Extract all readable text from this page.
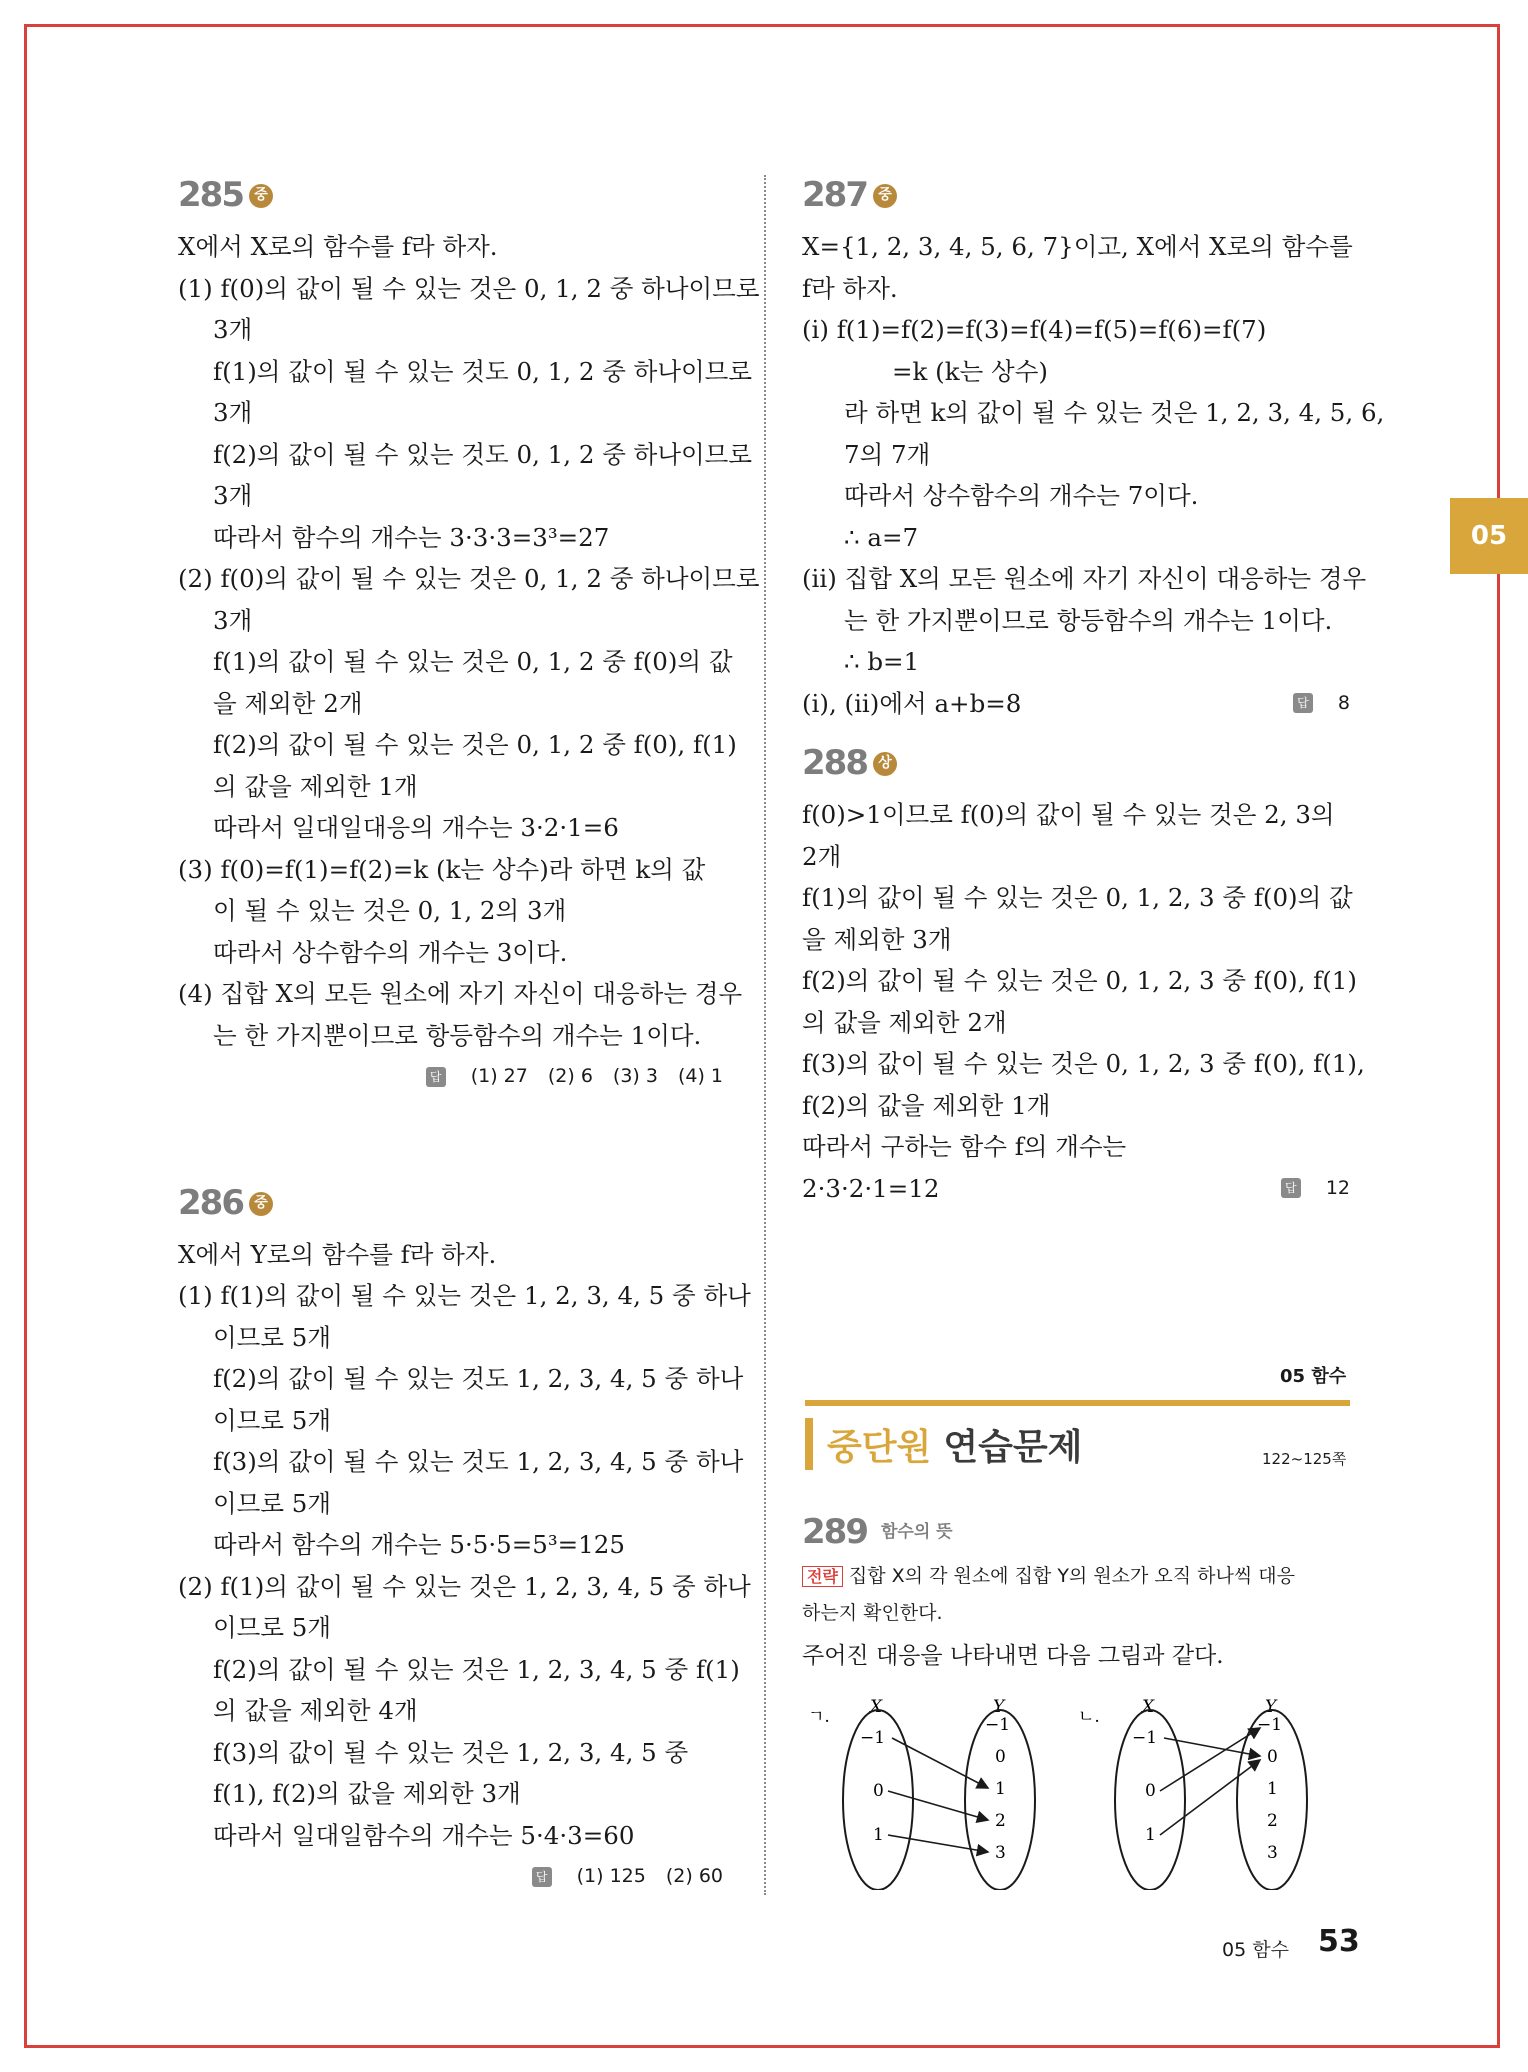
285 중
X에서 X로의 함수를 f라 하자.
(1) f(0)의 값이 될 수 있는 것은 0, 1, 2 중 하나이므로
3개
f(1)의 값이 될 수 있는 것도 0, 1, 2 중 하나이므로
3개
f(2)의 값이 될 수 있는 것도 0, 1, 2 중 하나이므로
3개
따라서 함수의 개수는 3·3·3=3³=27
(2) f(0)의 값이 될 수 있는 것은 0, 1, 2 중 하나이므로
3개
f(1)의 값이 될 수 있는 것은 0, 1, 2 중 f(0)의 값
을 제외한 2개
f(2)의 값이 될 수 있는 것은 0, 1, 2 중 f(0), f(1)
의 값을 제외한 1개
따라서 일대일대응의 개수는 3·2·1=6
(3) f(0)=f(1)=f(2)=k (k는 상수)라 하면 k의 값
이 될 수 있는 것은 0, 1, 2의 3개
따라서 상수함수의 개수는 3이다.
(4) 집합 X의 모든 원소에 자기 자신이 대응하는 경우
는 한 가지뿐이므로 항등함수의 개수는 1이다.
답 (1) 27 (2) 6 (3) 3 (4) 1
286 중
X에서 Y로의 함수를 f라 하자.
(1) f(1)의 값이 될 수 있는 것은 1, 2, 3, 4, 5 중 하나
이므로 5개
f(2)의 값이 될 수 있는 것도 1, 2, 3, 4, 5 중 하나
이므로 5개
f(3)의 값이 될 수 있는 것도 1, 2, 3, 4, 5 중 하나
이므로 5개
따라서 함수의 개수는 5·5·5=5³=125
(2) f(1)의 값이 될 수 있는 것은 1, 2, 3, 4, 5 중 하나
이므로 5개
f(2)의 값이 될 수 있는 것은 1, 2, 3, 4, 5 중 f(1)
의 값을 제외한 4개
f(3)의 값이 될 수 있는 것은 1, 2, 3, 4, 5 중
f(1), f(2)의 값을 제외한 3개
따라서 일대일함수의 개수는 5·4·3=60
답 (1) 125 (2) 60
287 중
X={1, 2, 3, 4, 5, 6, 7}이고, X에서 X로의 함수를
f라 하자.
(i) f(1)=f(2)=f(3)=f(4)=f(5)=f(6)=f(7)
=k (k는 상수)
라 하면 k의 값이 될 수 있는 것은 1, 2, 3, 4, 5, 6,
7의 7개
따라서 상수함수의 개수는 7이다.
∴ a=7
(ii) 집합 X의 모든 원소에 자기 자신이 대응하는 경우
는 한 가지뿐이므로 항등함수의 개수는 1이다.
∴ b=1
(i), (ii)에서 a+b=8	답 8
288 상
f(0)>1이므로 f(0)의 값이 될 수 있는 것은 2, 3의
2개
f(1)의 값이 될 수 있는 것은 0, 1, 2, 3 중 f(0)의 값
을 제외한 3개
f(2)의 값이 될 수 있는 것은 0, 1, 2, 3 중 f(0), f(1)
의 값을 제외한 2개
f(3)의 값이 될 수 있는 것은 0, 1, 2, 3 중 f(0), f(1),
f(2)의 값을 제외한 1개
따라서 구하는 함수 f의 개수는
2·3·2·1=12	답 12
05
05 함수
중단원 연습문제	122~125쪽
289 함수의 뜻
전략 집합 X의 각 원소에 집합 Y의 원소가 오직 하나씩 대응
하는지 확인한다.
주어진 대응을 나타내면 다음 그림과 같다.
ㄱ. X	Y
−1
0
1
−1
0
1
2
3
ㄴ. X	Y
−1
0
1
−1
0
1
2
3
05 함수 53
